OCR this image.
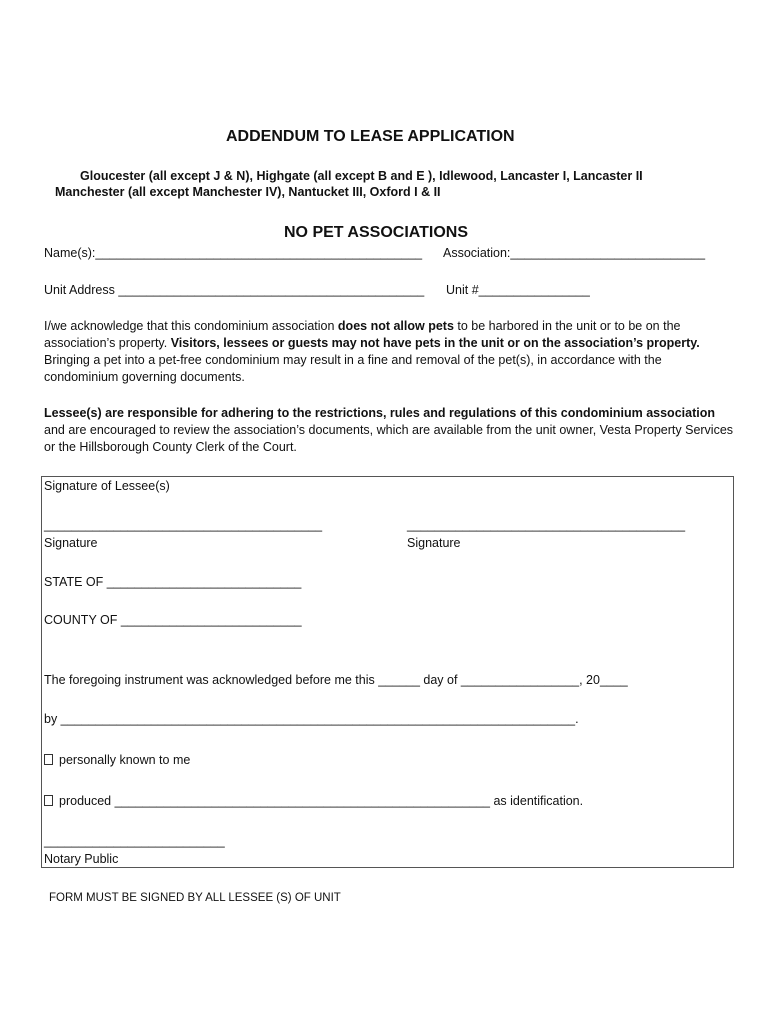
ADDENDUM TO LEASE APPLICATION
Gloucester (all except J & N), Highgate (all except B and E ), Idlewood, Lancaster I, Lancaster II
Manchester (all except Manchester IV), Nantucket III, Oxford I & II
NO PET ASSOCIATIONS
Name(s):_______________________________________________ Association:____________________________
Unit Address ____________________________________________ Unit #________________
I/we acknowledge that this condominium association does not allow pets to be harbored in the unit or to be on the association’s property. Visitors, lessees or guests may not have pets in the unit or on the association’s property. Bringing a pet into a pet-free condominium may result in a fine and removal of the pet(s), in accordance with the condominium governing documents.
Lessee(s) are responsible for adhering to the restrictions, rules and regulations of this condominium association and are encouraged to review the association’s documents, which are available from the unit owner, Vesta Property Services or the Hillsborough County Clerk of the Court.
Signature of Lessee(s)
________________________________________	________________________________________
Signature	Signature
STATE OF ____________________________
COUNTY OF __________________________
The foregoing instrument was acknowledged before me this ______ day of _________________, 20____
by __________________________________________________________________________.
personally known to me
produced ______________________________________________________ as identification.
__________________________
Notary Public
FORM MUST BE SIGNED BY ALL LESSEE (S) OF UNIT
